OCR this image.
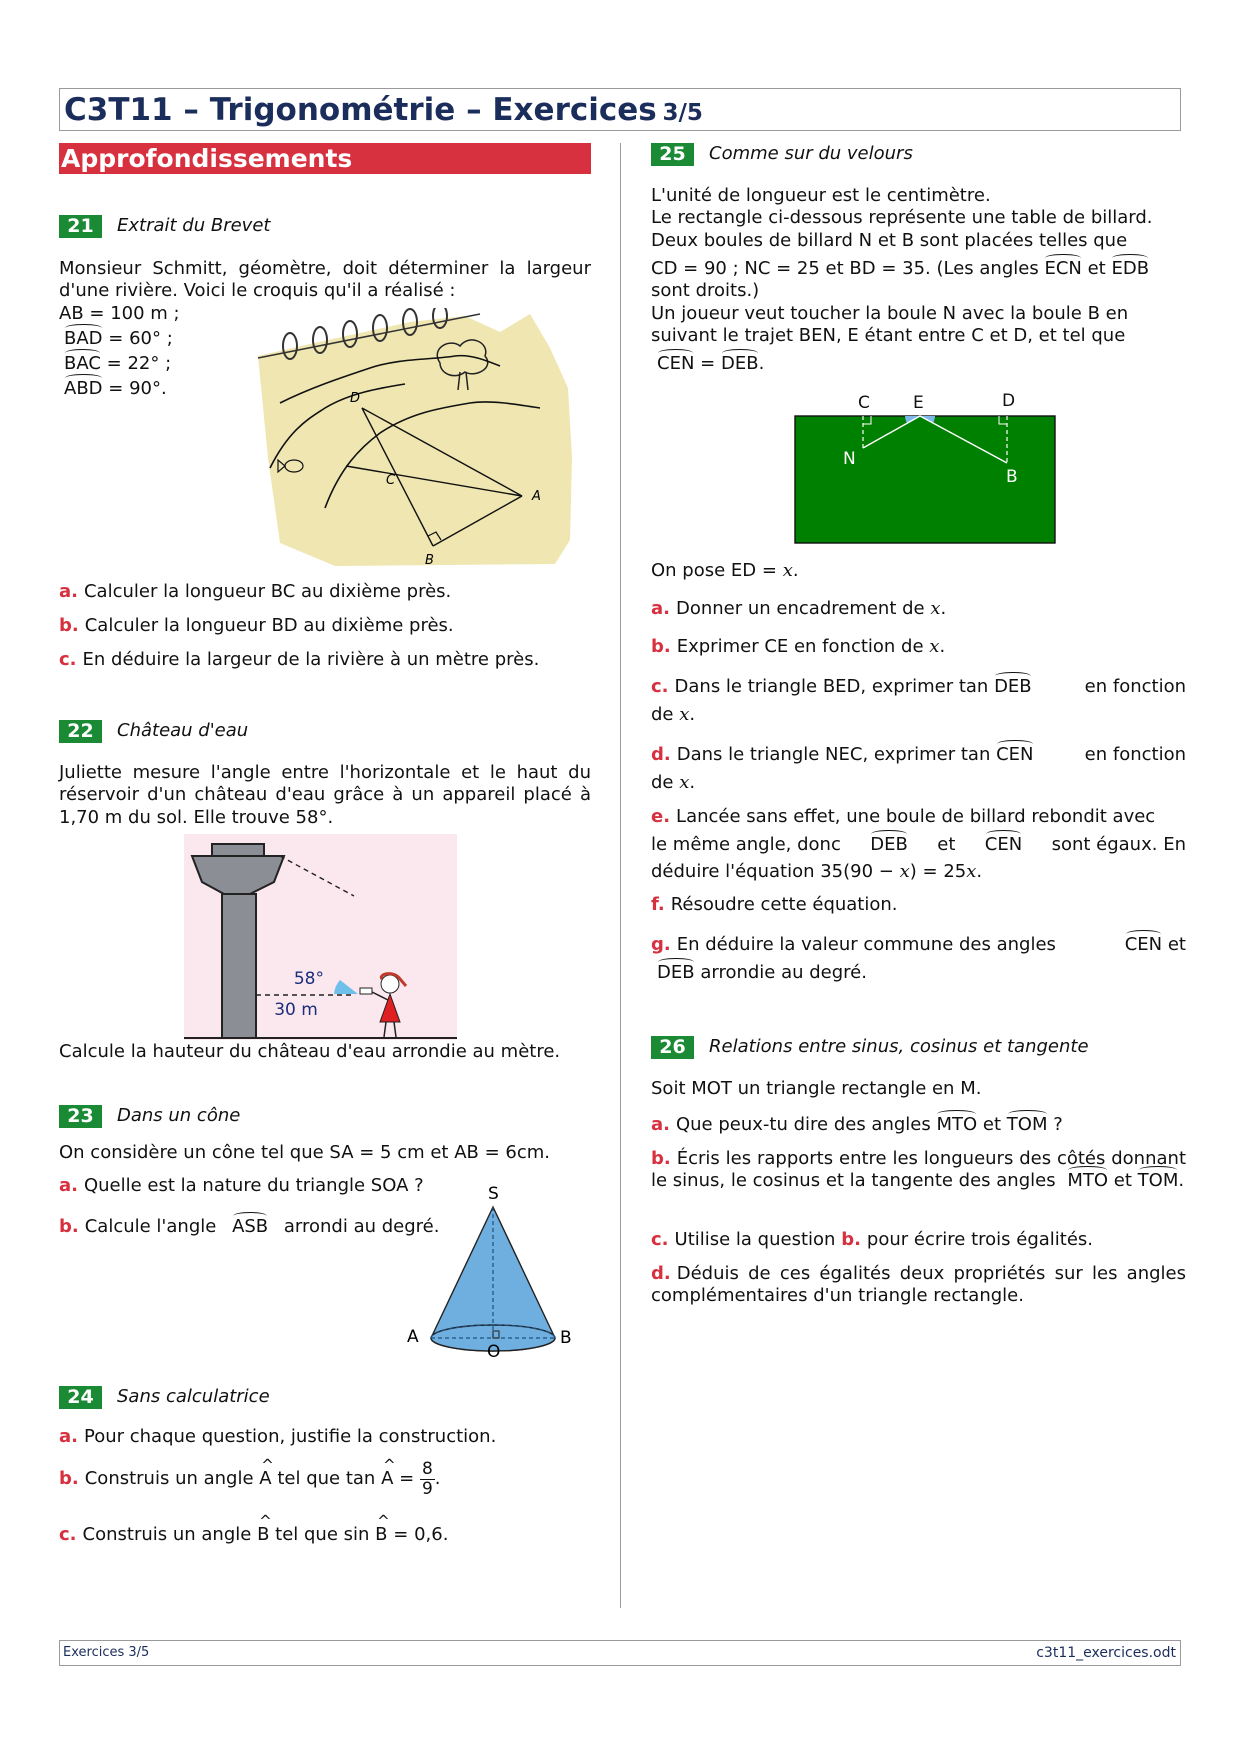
C3T11 – Trigonométrie – Exercices 3/5
Approfondissements
21	Extrait du Brevet
Monsieur Schmitt, géomètre, doit déterminer la largeur d'une rivière. Voici le croquis qu'il a réalisé :
AB = 100 m ;
BAD = 60° ;
BAC = 22° ;
ABD = 90°.	D
C
A
B
a. Calculer la longueur BC au dixième près.
b. Calculer la longueur BD au dixième près.
c. En déduire la largeur de la rivière à un mètre près.
22	Château d'eau
Juliette mesure l'angle entre l'horizontale et le haut du réservoir d'un château d'eau grâce à un appareil placé à 1,70 m du sol. Elle trouve 58°.
58°
30 m
Calcule la hauteur du château d'eau arrondie au mètre.
23	Dans un cône
On considère un cône tel que SA = 5 cm et AB = 6cm.
a. Quelle est la nature du triangle SOA ?
b. Calcule l'angle ASB arrondi au degré.
S
A	B
O
24	Sans calculatrice
a. Pour chaque question, justifie la construction.
b. Construis un angle ^ A tel que tan ^ $A = \frac{8}{9}$ .
c. Construis un angle ^ B tel que sin ^ B = 0,6.
25	Comme sur du velours
L'unité de longueur est le centimètre.
Le rectangle ci-dessous représente une table de billard.
Deux boules de billard N et B sont placées telles que
CD = 90 ; NC = 25 et BD = 35. (Les angles ECN et EDB
sont droits.)
Un joueur veut toucher la boule N avec la boule B en
suivant le trajet BEN, E étant entre C et D, et tel que
CEN = DEB.
C	E	D
N
B
On pose ED = x.
a. Donner un encadrement de x.
b. Exprimer CE en fonction de x.
c. Dans le triangle BED, exprimer tan DEB	en fonction
de x.
d. Dans le triangle NEC, exprimer tan CEN	en fonction
de x.
e. Lancée sans effet, une boule de billard rebondit avec
le même angle, donc DEB et CEN sont égaux. En
déduire l'équation 35(90 − x) = 25x.
f. Résoudre cette équation.
g. En déduire la valeur commune des angles	CEN et
DEB arrondie au degré.
26	Relations entre sinus, cosinus et tangente
Soit MOT un triangle rectangle en M.
a. Que peux-tu dire des angles MTO et TOM ?
b. Écris les rapports entre les longueurs des côtés donnant le sinus, le cosinus et la tangente des angles MTO et TOM.
c. Utilise la question b. pour écrire trois égalités.
d. Déduis de ces égalités deux propriétés sur les angles complémentaires d'un triangle rectangle.
Exercices 3/5	c3t11_exercices.odt
